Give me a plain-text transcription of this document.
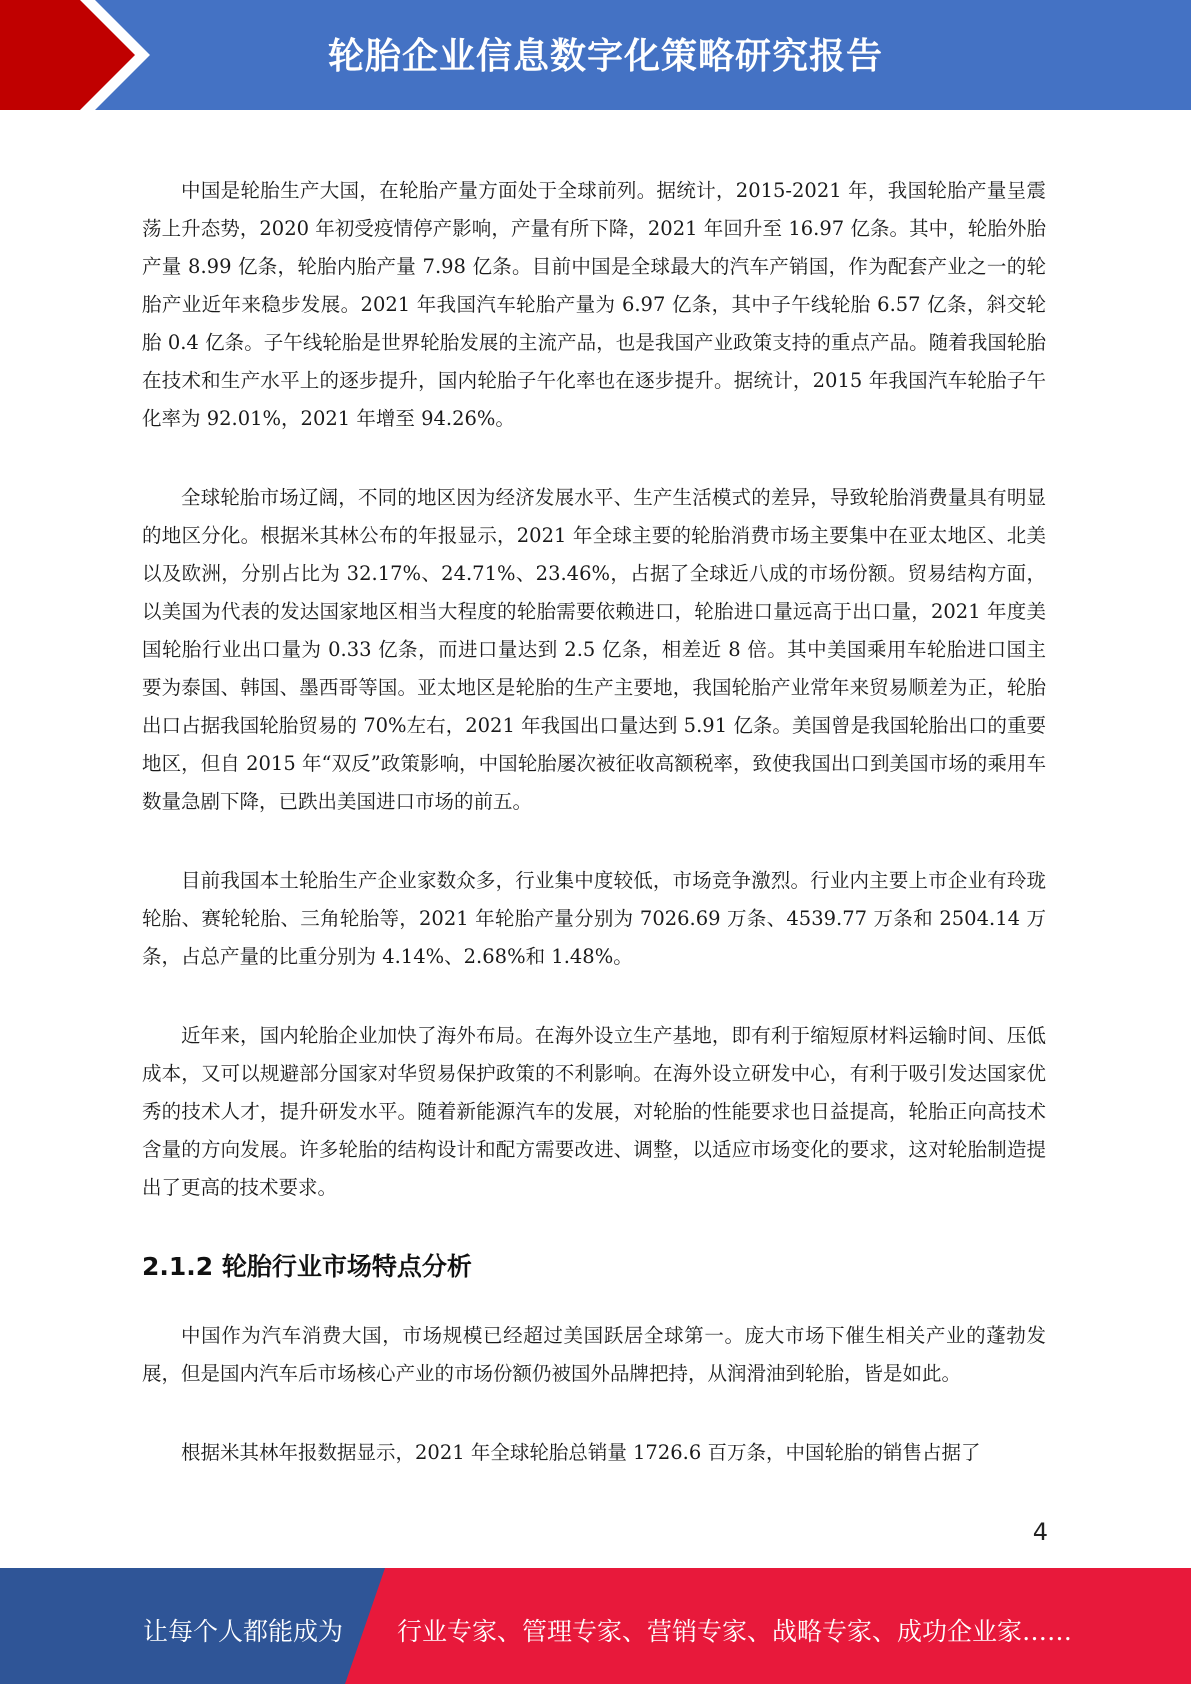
轮胎企业信息数字化策略研究报告

中国是轮胎生产大国，在轮胎产量方面处于全球前列。据统计，2015-2021 年，我国轮胎产量呈震荡上升态势，2020 年初受疫情停产影响，产量有所下降，2021 年回升至 16.97 亿条。其中，轮胎外胎产量 8.99 亿条，轮胎内胎产量 7.98 亿条。目前中国是全球最大的汽车产销国，作为配套产业之一的轮胎产业近年来稳步发展。2021 年我国汽车轮胎产量为 6.97 亿条，其中子午线轮胎 6.57 亿条，斜交轮胎 0.4 亿条。子午线轮胎是世界轮胎发展的主流产品，也是我国产业政策支持的重点产品。随着我国轮胎在技术和生产水平上的逐步提升，国内轮胎子午化率也在逐步提升。据统计，2015 年我国汽车轮胎子午化率为 92.01%，2021 年增至 94.26%。

全球轮胎市场辽阔，不同的地区因为经济发展水平、生产生活模式的差异，导致轮胎消费量具有明显的地区分化。根据米其林公布的年报显示，2021 年全球主要的轮胎消费市场主要集中在亚太地区、北美以及欧洲，分别占比为 32.17%、24.71%、23.46%，占据了全球近八成的市场份额。贸易结构方面，以美国为代表的发达国家地区相当大程度的轮胎需要依赖进口，轮胎进口量远高于出口量，2021 年度美国轮胎行业出口量为 0.33 亿条，而进口量达到 2.5 亿条，相差近 8 倍。其中美国乘用车轮胎进口国主要为泰国、韩国、墨西哥等国。亚太地区是轮胎的生产主要地，我国轮胎产业常年来贸易顺差为正，轮胎出口占据我国轮胎贸易的 70%左右，2021 年我国出口量达到 5.91 亿条。美国曾是我国轮胎出口的重要地区，但自 2015 年“双反”政策影响，中国轮胎屡次被征收高额税率，致使我国出口到美国市场的乘用车数量急剧下降，已跌出美国进口市场的前五。

目前我国本土轮胎生产企业家数众多，行业集中度较低，市场竞争激烈。行业内主要上市企业有玲珑轮胎、赛轮轮胎、三角轮胎等，2021 年轮胎产量分别为 7026.69 万条、4539.77 万条和 2504.14 万条，占总产量的比重分别为 4.14%、2.68%和 1.48%。

近年来，国内轮胎企业加快了海外布局。在海外设立生产基地，即有利于缩短原材料运输时间、压低成本，又可以规避部分国家对华贸易保护政策的不利影响。在海外设立研发中心，有利于吸引发达国家优秀的技术人才，提升研发水平。随着新能源汽车的发展，对轮胎的性能要求也日益提高，轮胎正向高技术含量的方向发展。许多轮胎的结构设计和配方需要改进、调整，以适应市场变化的要求，这对轮胎制造提出了更高的技术要求。

2.1.2 轮胎行业市场特点分析

中国作为汽车消费大国，市场规模已经超过美国跃居全球第一。庞大市场下催生相关产业的蓬勃发展，但是国内汽车后市场核心产业的市场份额仍被国外品牌把持，从润滑油到轮胎，皆是如此。

根据米其林年报数据显示，2021 年全球轮胎总销量 1726.6 百万条，中国轮胎的销售占据了

4
让每个人都能成为 行业专家、管理专家、营销专家、战略专家、成功企业家……
